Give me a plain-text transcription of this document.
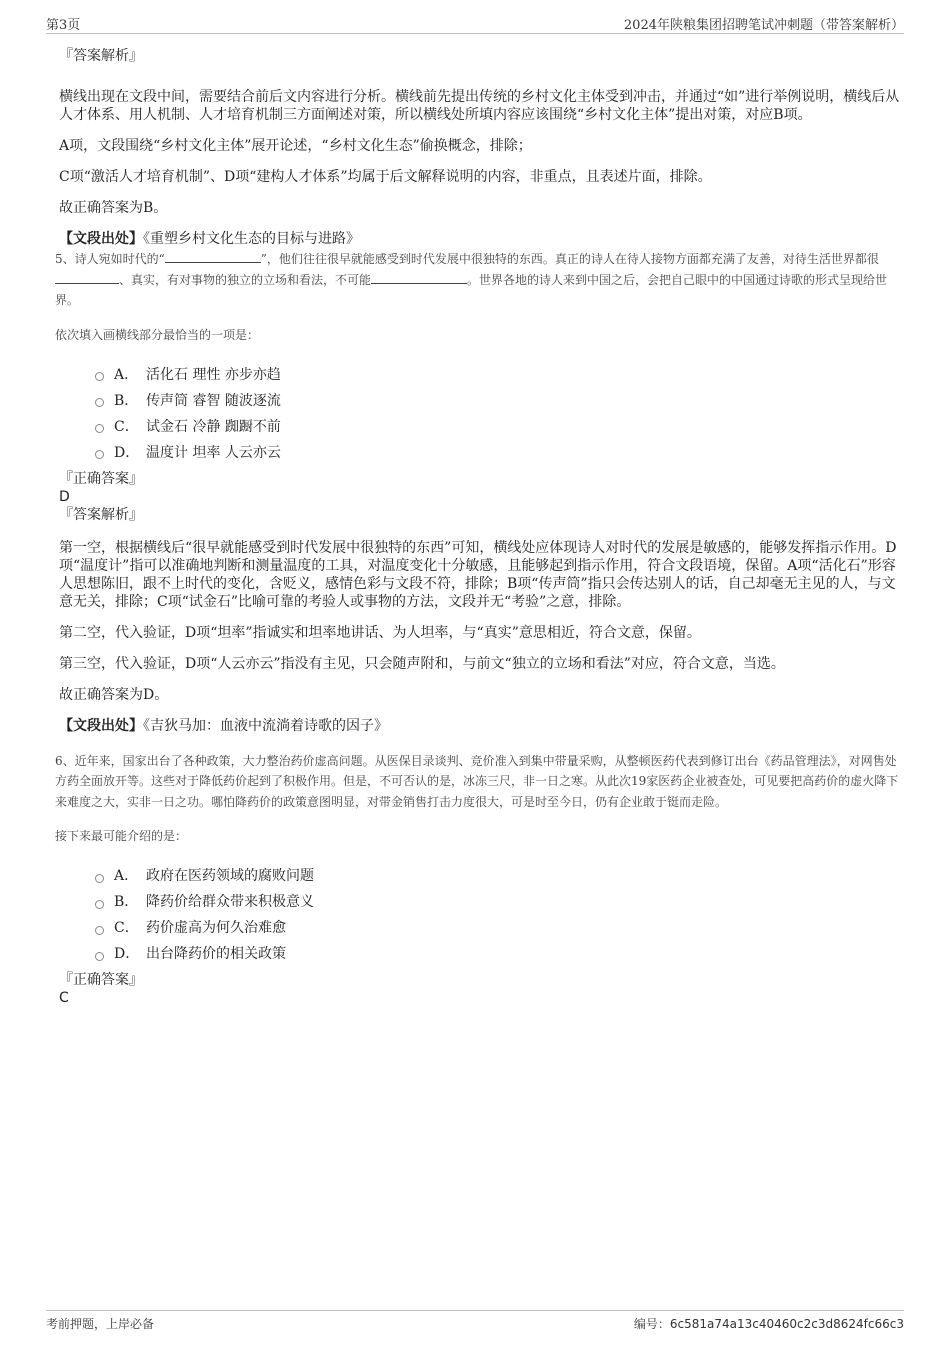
第3页	2024年陕粮集团招聘笔试冲刺题（带答案解析）
『答案解析』
横线出现在文段中间，需要结合前后文内容进行分析。横线前先提出传统的乡村文化主体受到冲击，并通过“如”进行举例说明，横线后从人才体系、用人机制、人才培育机制三方面阐述对策，所以横线处所填内容应该围绕“乡村文化主体”提出对策，对应B项。
A项，文段围绕“乡村文化主体”展开论述，“乡村文化生态”偷换概念，排除；
C项“激活人才培育机制”、D项“建构人才体系”均属于后文解释说明的内容，非重点，且表述片面，排除。
故正确答案为B。
【文段出处】《重塑乡村文化生态的目标与进路》
5、诗人宛如时代的“	”，他们往往很早就能感受到时代发展中很独特的东西。真正的诗人在待人接物方面都充满了友善，对待生活世界都很、真实，有对事物的独立的立场和看法，不可能	。世界各地的诗人来到中国之后，会把自己眼中的中国通过诗歌的形式呈现给世界。
依次填入画横线部分最恰当的一项是：
A． 活化石 理性 亦步亦趋
B． 传声筒 睿智 随波逐流
C． 试金石 冷静 踟蹰不前
D． 温度计 坦率 人云亦云
『正确答案』
D
『答案解析』
第一空，根据横线后“很早就能感受到时代发展中很独特的东西”可知，横线处应体现诗人对时代的发展是敏感的，能够发挥指示作用。D项“温度计”指可以准确地判断和测量温度的工具，对温度变化十分敏感，且能够起到指示作用，符合文段语境，保留。A项“活化石”形容人思想陈旧，跟不上时代的变化，含贬义，感情色彩与文段不符，排除；B项“传声筒”指只会传达别人的话，自己却毫无主见的人，与文意无关，排除；C项“试金石”比喻可靠的考验人或事物的方法，文段并无“考验”之意，排除。
第二空，代入验证，D项“坦率”指诚实和坦率地讲话、为人坦率，与“真实”意思相近，符合文意，保留。
第三空，代入验证，D项“人云亦云”指没有主见，只会随声附和，与前文“独立的立场和看法”对应，符合文意，当选。
故正确答案为D。
【文段出处】《吉狄马加：血液中流淌着诗歌的因子》
6、近年来，国家出台了各种政策，大力整治药价虚高问题。从医保目录谈判、竞价准入到集中带量采购，从整顿医药代表到修订出台《药品管理法》，对网售处方药全面放开等。这些对于降低药价起到了积极作用。但是，不可否认的是，冰冻三尺，非一日之寒。从此次19家医药企业被查处，可见要把高药价的虚火降下来难度之大，实非一日之功。哪怕降药价的政策意图明显，对带金销售打击力度很大，可是时至今日，仍有企业敢于铤而走险。
接下来最可能介绍的是：
A． 政府在医药领域的腐败问题
B． 降药价给群众带来积极意义
C． 药价虚高为何久治难愈
D． 出台降药价的相关政策
『正确答案』
C
考前押题，上岸必备	编号：6c581a74a13c40460c2c3d8624fc66c3
